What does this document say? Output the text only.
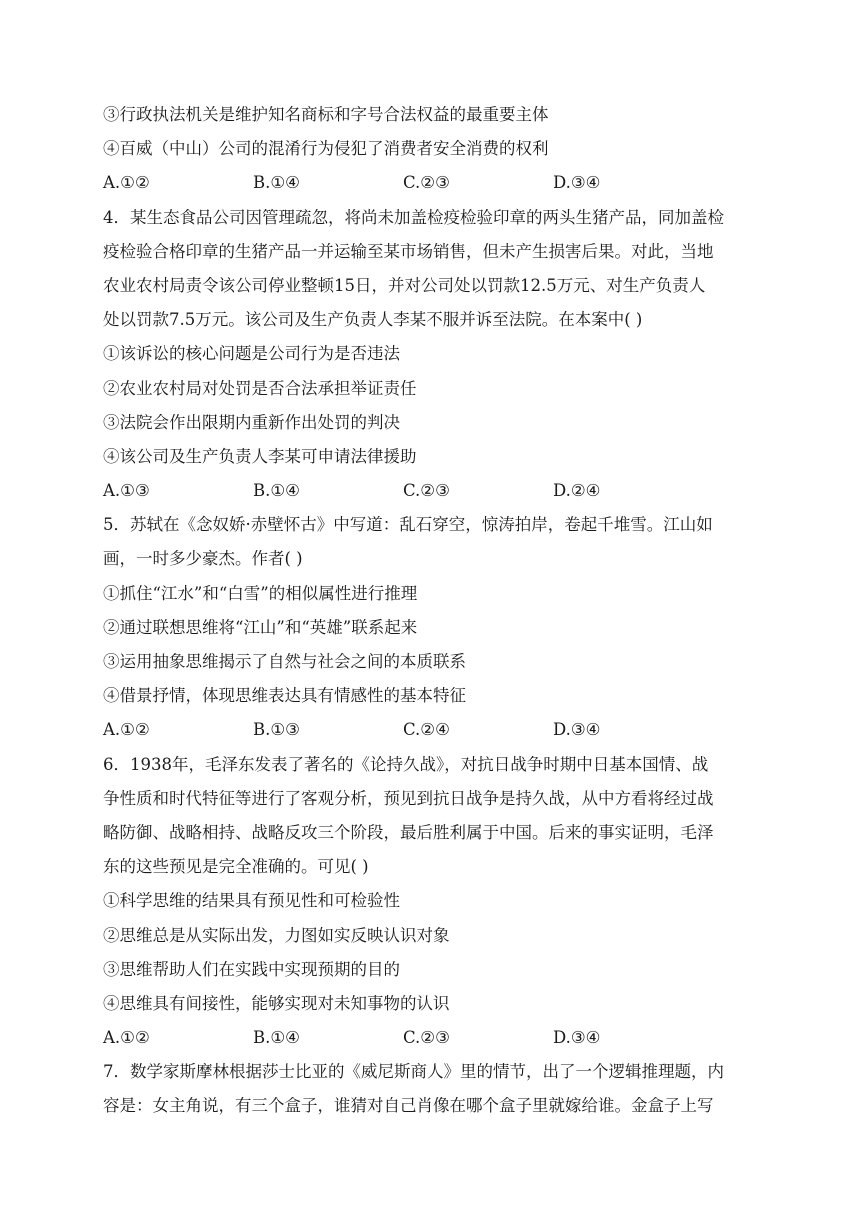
③行政执法机关是维护知名商标和字号合法权益的最重要主体
④百威（中山）公司的混淆行为侵犯了消费者安全消费的权利
A.①②	B.①④	C.②③	D.③④
4．某生态食品公司因管理疏忽，将尚未加盖检疫检验印章的两头生猪产品，同加盖检
疫检验合格印章的生猪产品一并运输至某市场销售，但未产生损害后果。对此，当地
农业农村局责令该公司停业整顿15日，并对公司处以罚款12.5万元、对生产负责人
处以罚款7.5万元。该公司及生产负责人李某不服并诉至法院。在本案中( )
①该诉讼的核心问题是公司行为是否违法
②农业农村局对处罚是否合法承担举证责任
③法院会作出限期内重新作出处罚的判决
④该公司及生产负责人李某可申请法律援助
A.①③	B.①④	C.②③	D.②④
5．苏轼在《念奴娇·赤壁怀古》中写道：乱石穿空，惊涛拍岸，卷起千堆雪。江山如
画，一时多少豪杰。作者( )
①抓住“江水”和“白雪”的相似属性进行推理
②通过联想思维将“江山”和“英雄”联系起来
③运用抽象思维揭示了自然与社会之间的本质联系
④借景抒情，体现思维表达具有情感性的基本特征
A.①②	B.①③	C.②④	D.③④
6．1938年，毛泽东发表了著名的《论持久战》，对抗日战争时期中日基本国情、战
争性质和时代特征等进行了客观分析，预见到抗日战争是持久战，从中方看将经过战
略防御、战略相持、战略反攻三个阶段，最后胜利属于中国。后来的事实证明，毛泽
东的这些预见是完全准确的。可见( )
①科学思维的结果具有预见性和可检验性
②思维总是从实际出发，力图如实反映认识对象
③思维帮助人们在实践中实现预期的目的
④思维具有间接性，能够实现对未知事物的认识
A.①②	B.①④	C.②③	D.③④
7．数学家斯摩林根据莎士比亚的《威尼斯商人》里的情节，出了一个逻辑推理题，内
容是：女主角说，有三个盒子，谁猜对自己肖像在哪个盒子里就嫁给谁。金盒子上写
